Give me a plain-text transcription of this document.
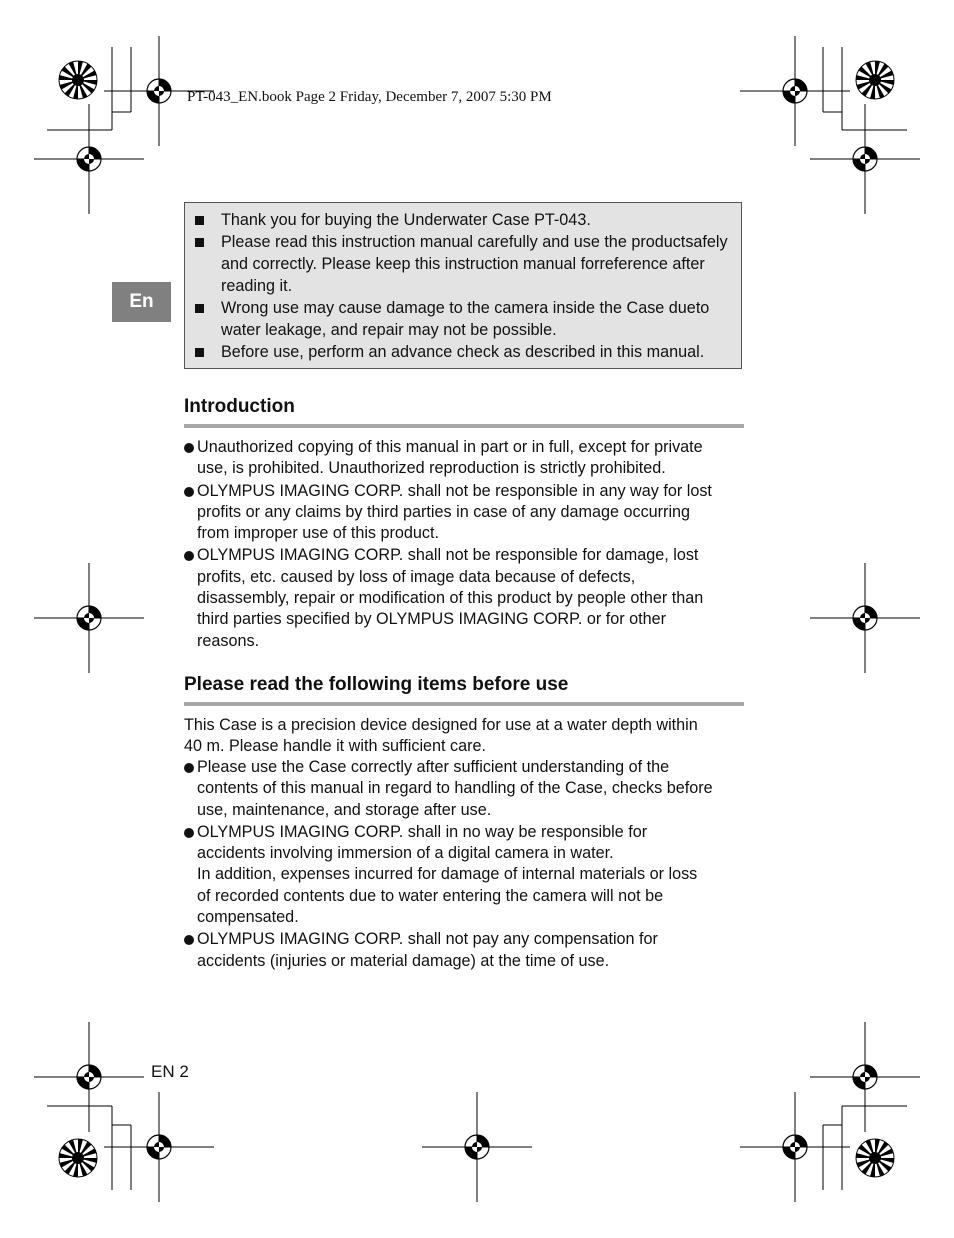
PT-043_EN.book Page 2 Friday, December 7, 2007 5:30 PM
En
Thank you for buying the Underwater Case PT-043.
Please read this instruction manual carefully and use the productsafely and correctly. Please keep this instruction manual forreference after reading it.
Wrong use may cause damage to the camera inside the Case dueto water leakage, and repair may not be possible.
Before use, perform an advance check as described in this manual.
Introduction
Unauthorized copying of this manual in part or in full, except for private
use, is prohibited. Unauthorized reproduction is strictly prohibited.
OLYMPUS IMAGING CORP. shall not be responsible in any way for lost
profits or any claims by third parties in case of any damage occurring
from improper use of this product.
OLYMPUS IMAGING CORP. shall not be responsible for damage, lost
profits, etc. caused by loss of image data because of defects,
disassembly, repair or modification of this product by people other than
third parties specified by OLYMPUS IMAGING CORP. or for other
reasons.
Please read the following items before use
This Case is a precision device designed for use at a water depth within
40 m. Please handle it with sufficient care.
Please use the Case correctly after sufficient understanding of the
contents of this manual in regard to handling of the Case, checks before
use, maintenance, and storage after use.
OLYMPUS IMAGING CORP. shall in no way be responsible for
accidents involving immersion of a digital camera in water.
In addition, expenses incurred for damage of internal materials or loss
of recorded contents due to water entering the camera will not be
compensated.
OLYMPUS IMAGING CORP. shall not pay any compensation for
accidents (injuries or material damage) at the time of use.
EN 2
